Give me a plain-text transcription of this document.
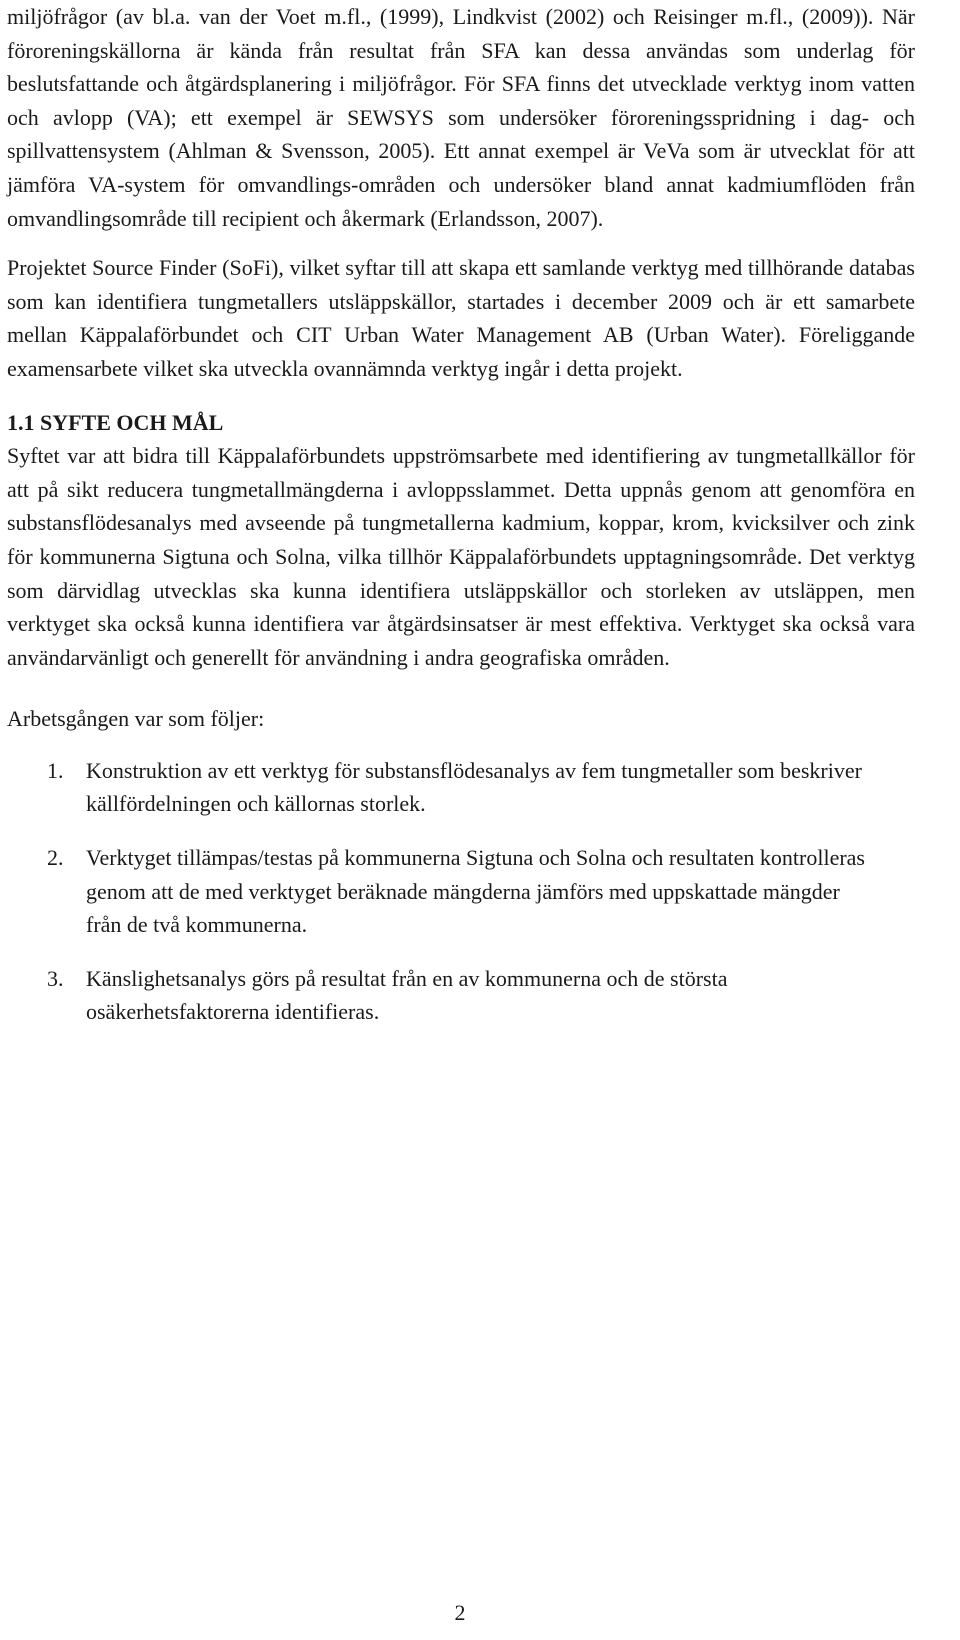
miljöfrågor (av bl.a. van der Voet m.fl., (1999), Lindkvist (2002) och Reisinger m.fl., (2009)). När föroreningskällorna är kända från resultat från SFA kan dessa användas som underlag för beslutsfattande och åtgärdsplanering i miljöfrågor. För SFA finns det utvecklade verktyg inom vatten och avlopp (VA); ett exempel är SEWSYS som undersöker föroreningsspridning i dag- och spillvattensystem (Ahlman & Svensson, 2005). Ett annat exempel är VeVa som är utvecklat för att jämföra VA-system för omvandlings-områden och undersöker bland annat kadmiumflöden från omvandlingsområde till recipient och åkermark (Erlandsson, 2007).

Projektet Source Finder (SoFi), vilket syftar till att skapa ett samlande verktyg med tillhörande databas som kan identifiera tungmetallers utsläppskällor, startades i december 2009 och är ett samarbete mellan Käppalaförbundet och CIT Urban Water Management AB (Urban Water). Föreliggande examensarbete vilket ska utveckla ovannämnda verktyg ingår i detta projekt.

1.1 SYFTE OCH MÅL

Syftet var att bidra till Käppalaförbundets uppströmsarbete med identifiering av tungmetallkällor för att på sikt reducera tungmetallmängderna i avloppsslammet. Detta uppnås genom att genomföra en substansflödesanalys med avseende på tungmetallerna kadmium, koppar, krom, kvicksilver och zink för kommunerna Sigtuna och Solna, vilka tillhör Käppalaförbundets upptagningsområde. Det verktyg som därvidlag utvecklas ska kunna identifiera utsläppskällor och storleken av utsläppen, men verktyget ska också kunna identifiera var åtgärdsinsatser är mest effektiva. Verktyget ska också vara användarvänligt och generellt för användning i andra geografiska områden.

Arbetsgången var som följer:

1.	Konstruktion av ett verktyg för substansflödesanalys av fem tungmetaller som beskriver källfördelningen och källornas storlek.
2.	Verktyget tillämpas/testas på kommunerna Sigtuna och Solna och resultaten kontrolleras genom att de med verktyget beräknade mängderna jämförs med uppskattade mängder från de två kommunerna.
3.	Känslighetsanalys görs på resultat från en av kommunerna och de största osäkerhetsfaktorerna identifieras.
2
